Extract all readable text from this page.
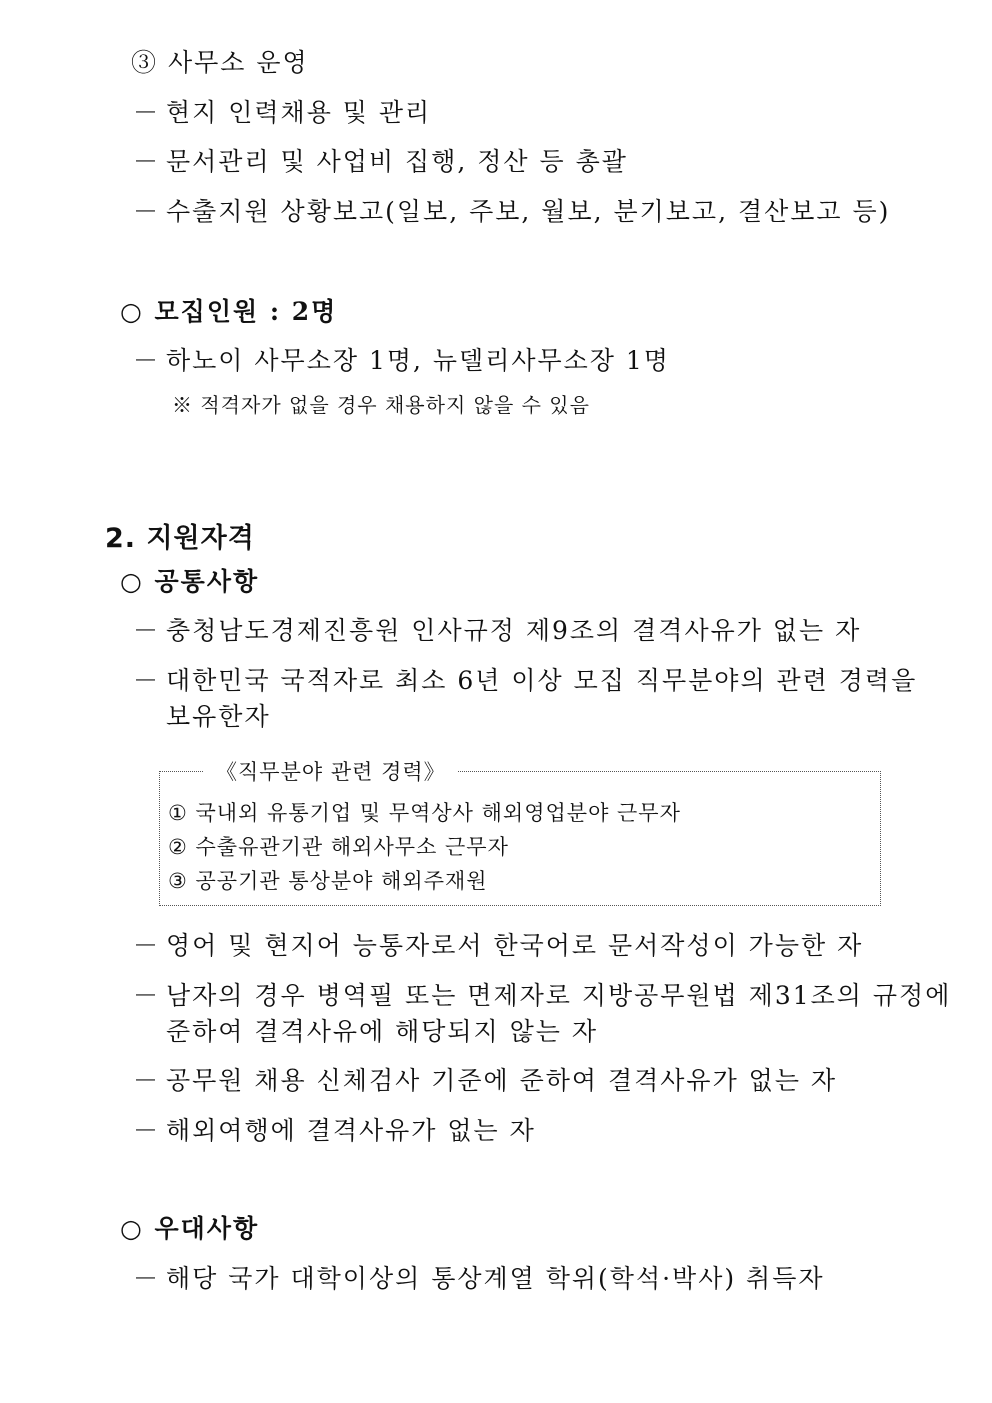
③ 사무소 운영
－ 현지 인력채용 및 관리
－ 문서관리 및 사업비 집행, 정산 등 총괄
－ 수출지원 상황보고(일보, 주보, 월보, 분기보고, 결산보고 등)
○ 모집인원 : 2명
－ 하노이 사무소장 1명, 뉴델리사무소장 1명
※ 적격자가 없을 경우 채용하지 않을 수 있음
2. 지원자격
○ 공통사항
－ 충청남도경제진흥원 인사규정 제9조의 결격사유가 없는 자
－ 대한민국 국적자로 최소 6년 이상 모집 직무분야의 관련 경력을
보유한자
《직무분야 관련 경력》
① 국내외 유통기업 및 무역상사 해외영업분야 근무자
② 수출유관기관 해외사무소 근무자
③ 공공기관 통상분야 해외주재원
－ 영어 및 현지어 능통자로서 한국어로 문서작성이 가능한 자
－ 남자의 경우 병역필 또는 면제자로 지방공무원법 제31조의 규정에
준하여 결격사유에 해당되지 않는 자
－ 공무원 채용 신체검사 기준에 준하여 결격사유가 없는 자
－ 해외여행에 결격사유가 없는 자
○ 우대사항
－ 해당 국가 대학이상의 통상계열 학위(학석·박사) 취득자
